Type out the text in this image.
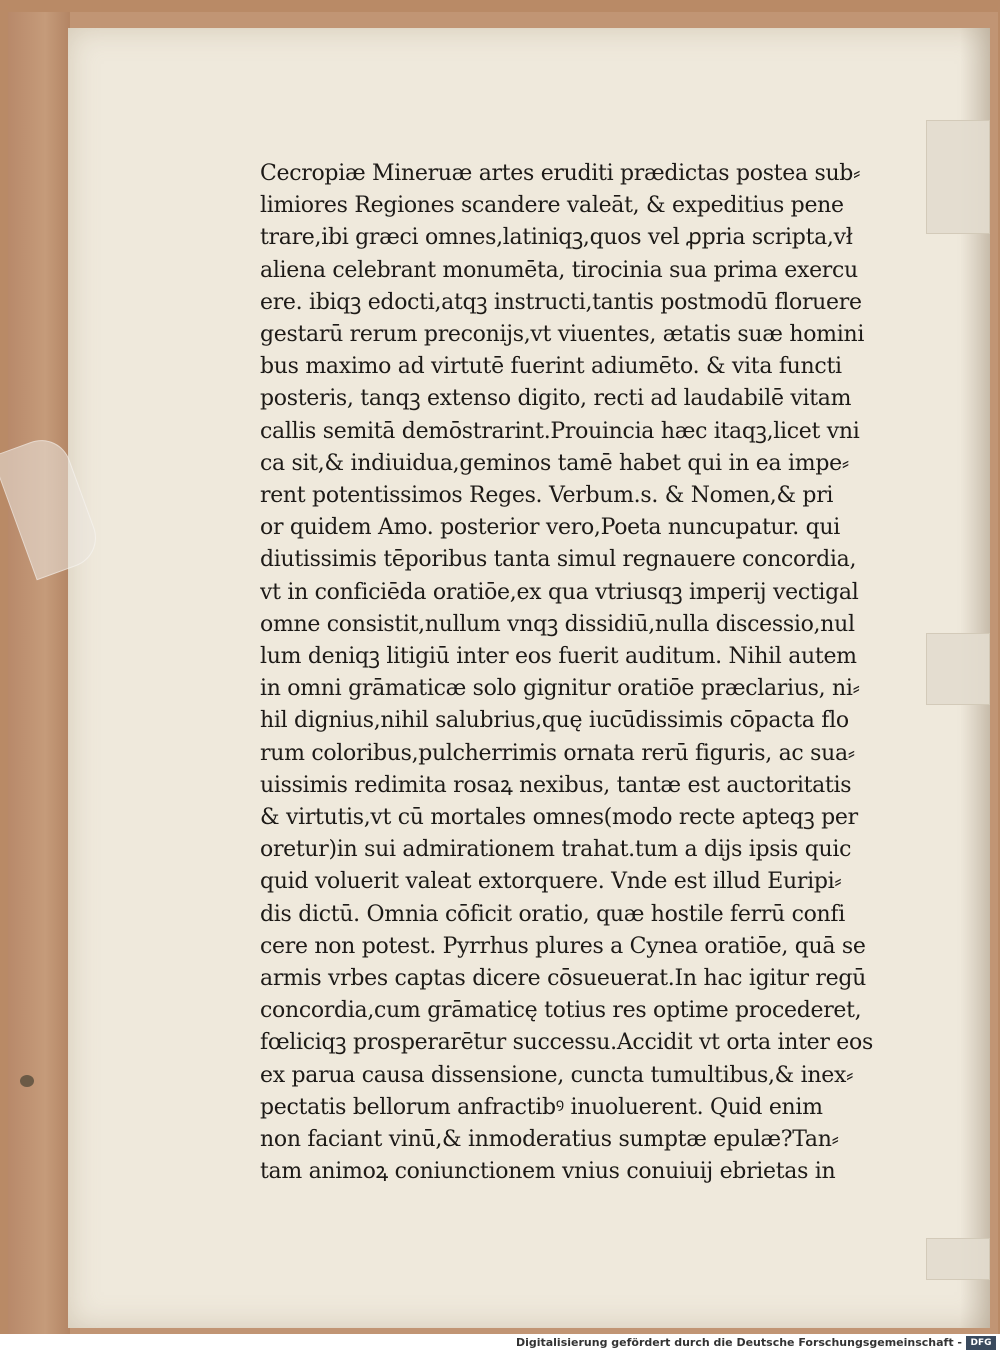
Cecropiæ Mineruæ artes eruditi prædictas postea sub⸗
limiores Regiones scandere valeāt, & expeditius pene
trare,ibi græci omnes,latiniqꝫ,quos vel ꝓpria scripta,vł
aliena celebrant monumēta, tirocinia sua prima exercu
ere. ibiqꝫ edocti,atqꝫ instructi,tantis postmodū floruere
gestarū rerum preconijs,vt viuentes, ætatis suæ homini
bus maximo ad virtutē fuerint adiumēto. & vita functi
posteris, tanqꝫ extenso digito, recti ad laudabilē vitam
callis semitā demōstrarint.Prouincia hæc itaqꝫ,licet vni
ca sit,& indiuidua,geminos tamē habet qui in ea impe⸗
rent potentissimos Reges. Verbum.s. & Nomen,& pri
or quidem Amo. posterior vero,Poeta nuncupatur. qui
diutissimis tēporibus tanta simul regnauere concordia,
vt in conficiēda oratiōe,ex qua vtriusqꝫ imperij vectigal
omne consistit,nullum vnqꝫ dissidiū,nulla discessio,nul
lum deniqꝫ litigiū inter eos fuerit auditum. Nihil autem
in omni grāmaticæ solo gignitur oratiōe præclarius, ni⸗
hil dignius,nihil salubrius,quę iucūdissimis cōpacta flo
rum coloribus,pulcherrimis ornata rerū figuris, ac sua⸗
uissimis redimita rosaꝝ nexibus, tantæ est auctoritatis
& virtutis,vt cū mortales omnes(modo recte apteqꝫ per
oretur)in sui admirationem trahat.tum a dijs ipsis quic
quid voluerit valeat extorquere. Vnde est illud Euripi⸗
dis dictū. Omnia cōficit oratio, quæ hostile ferrū confi
cere non potest. Pyrrhus plures a Cynea oratiōe, quā se
armis vrbes captas dicere cōsueuerat.In hac igitur regū
concordia,cum grāmaticę totius res optime procederet,
fœliciqꝫ prosperarētur successu.Accidit vt orta inter eos
ex parua causa dissensione, cuncta tumultibus,& inex⸗
pectatis bellorum anfractibꝰ inuoluerent. Quid enim
non faciant vinū,& inmoderatius sumptæ epulæ?Tan⸗
tam animoꝝ coniunctionem vnius conuiuij ebrietas in
Digitalisierung gefördert durch die Deutsche Forschungsgemeinschaft - DFG
